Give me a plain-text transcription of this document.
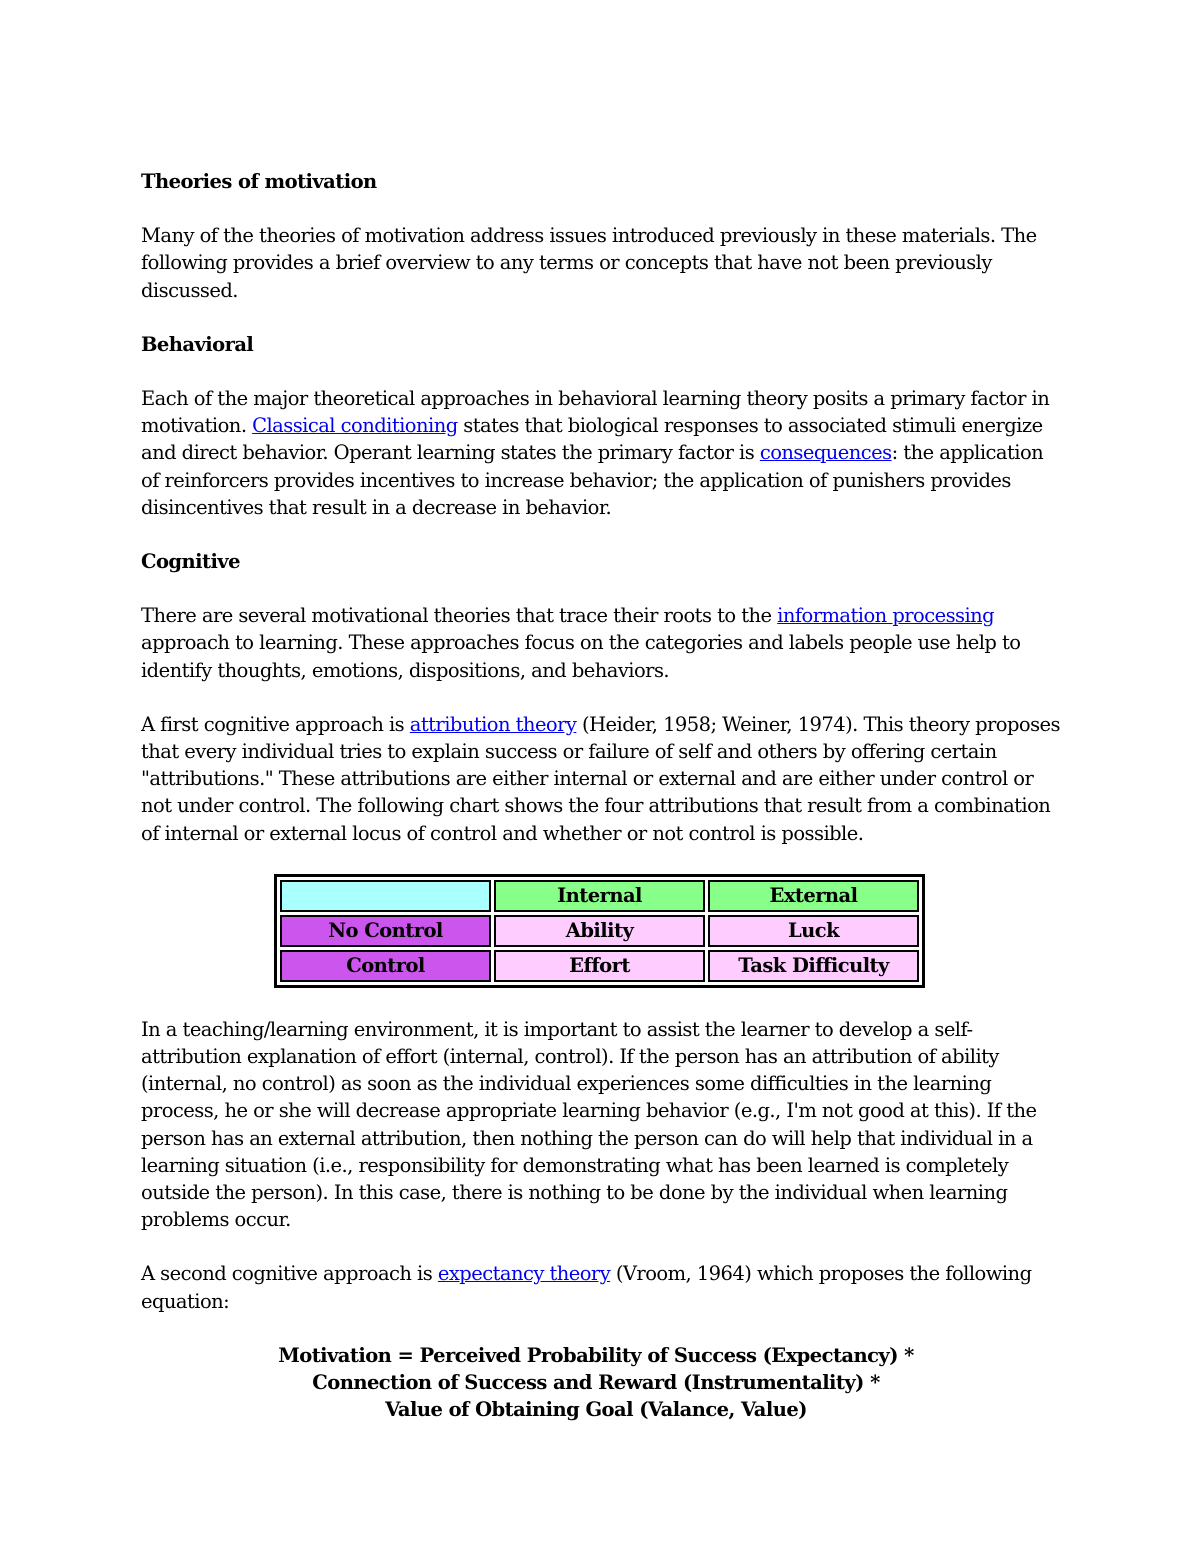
Theories of motivation

Many of the theories of motivation address issues introduced previously in these materials. The following provides a brief overview to any terms or concepts that have not been previously discussed.

Behavioral

Each of the major theoretical approaches in behavioral learning theory posits a primary factor in motivation. Classical conditioning states that biological responses to associated stimuli energize and direct behavior. Operant learning states the primary factor is consequences: the application of reinforcers provides incentives to increase behavior; the application of punishers provides disincentives that result in a decrease in behavior.

Cognitive

There are several motivational theories that trace their roots to the information processing approach to learning. These approaches focus on the categories and labels people use help to identify thoughts, emotions, dispositions, and behaviors.

A first cognitive approach is attribution theory (Heider, 1958; Weiner, 1974). This theory proposes that every individual tries to explain success or failure of self and others by offering certain "attributions." These attributions are either internal or external and are either under control or not under control. The following chart shows the four attributions that result from a combination of internal or external locus of control and whether or not control is possible.

	Internal	External
No Control	Ability	Luck
Control	Effort	Task Difficulty

In a teaching/learning environment, it is important to assist the learner to develop a self-attribution explanation of effort (internal, control). If the person has an attribution of ability (internal, no control) as soon as the individual experiences some difficulties in the learning process, he or she will decrease appropriate learning behavior (e.g., I'm not good at this). If the person has an external attribution, then nothing the person can do will help that individual in a learning situation (i.e., responsibility for demonstrating what has been learned is completely outside the person). In this case, there is nothing to be done by the individual when learning problems occur.

A second cognitive approach is expectancy theory (Vroom, 1964) which proposes the following equation:

Motivation = Perceived Probability of Success (Expectancy) *
Connection of Success and Reward (Instrumentality) *
Value of Obtaining Goal (Valance, Value)
